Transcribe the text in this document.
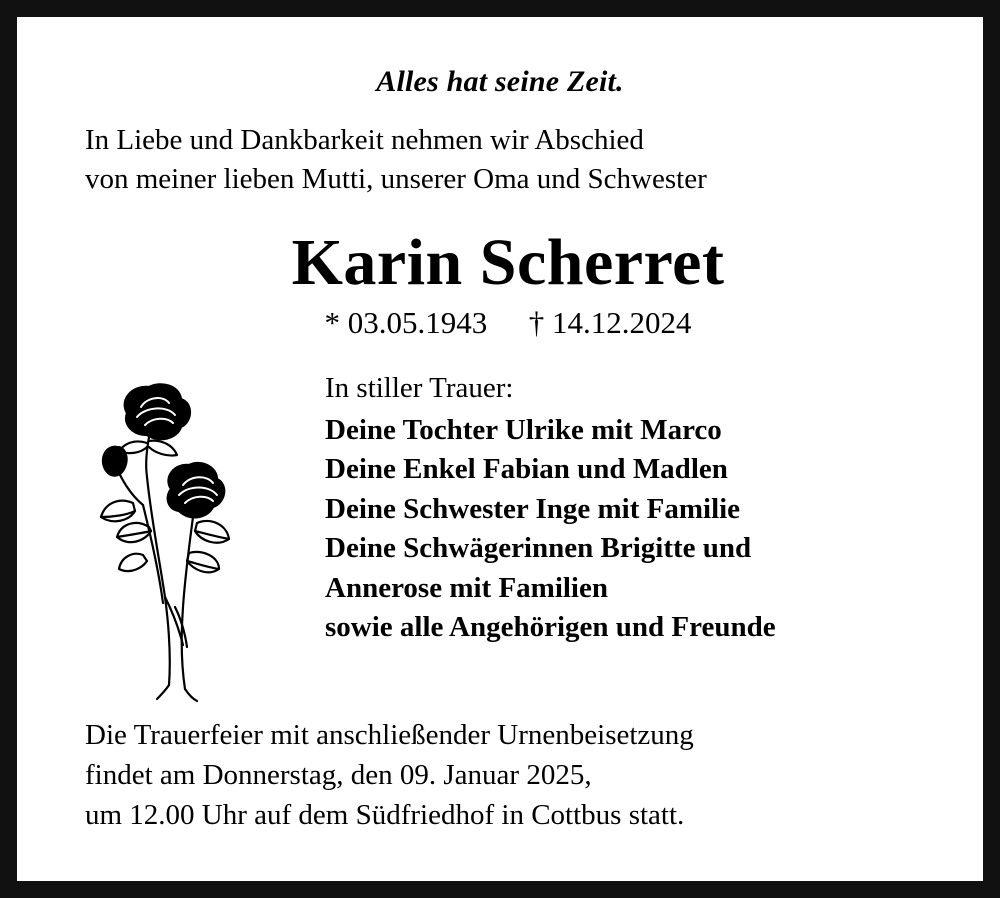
Alles hat seine Zeit.
In Liebe und Dankbarkeit nehmen wir Abschied
von meiner lieben Mutti, unserer Oma und Schwester
Karin Scherret
* 03.05.1943 † 14.12.2024
In stiller Trauer:
Deine Tochter Ulrike mit Marco
Deine Enkel Fabian und Madlen
Deine Schwester Inge mit Familie
Deine Schwägerinnen Brigitte und
Annerose mit Familien
sowie alle Angehörigen und Freunde
Die Trauerfeier mit anschließender Urnenbeisetzung
findet am Donnerstag, den 09. Januar 2025,
um 12.00 Uhr auf dem Südfriedhof in Cottbus statt.
